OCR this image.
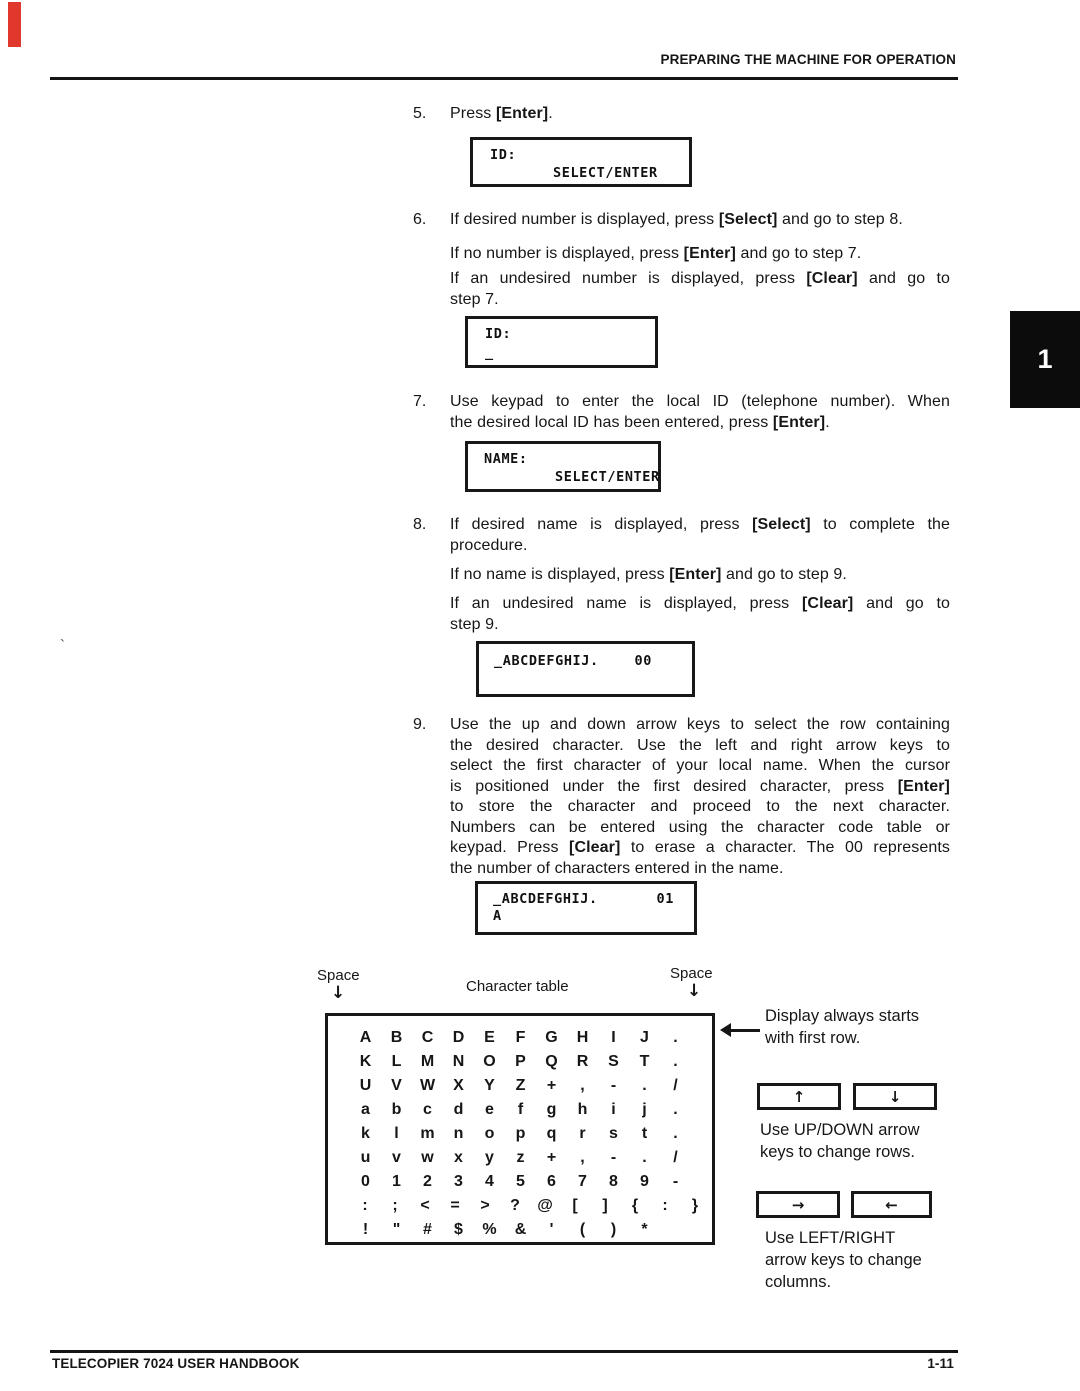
PREPARING THE MACHINE FOR OPERATION
5.	Press [Enter].
ID:
SELECT/ENTER
6.	If desired number is displayed, press [Select] and go to step 8.
If no number is displayed, press [Enter] and go to step 7.
If an undesired number is displayed, press [Clear] and go to
step 7.
ID:
_
7.	Use keypad to enter the local ID (telephone number). When
the desired local ID has been entered, press [Enter].
NAME:
SELECT/ENTER
8.	If desired name is displayed, press [Select] to complete the
procedure.
If no name is displayed, press [Enter] and go to step 9.
If an undesired name is displayed, press [Clear] and go to
step 9.
`
_ABCDEFGHIJ.	00
9.	Use the up and down arrow keys to select the row containing
the desired character. Use the left and right arrow keys to
select the first character of your local name. When the cursor
is positioned under the first desired character, press [Enter]
to store the character and proceed to the next character.
Numbers can be entered using the character code table or
keypad. Press [Clear] to erase a character. The 00 represents
the number of characters entered in the name.
_ABCDEFGHIJ.	01
A
Space
↓	Character table
Space
↓
A	B	C	D	E	F	G	H	I	J	.
K	L	M	N	O	P	Q	R	S	T	.
U	V	W	X	Y	Z	+	,	-	.	/
a	b	c	d	e	f	g	h	i	j	.
k	l	m	n	o	p	q	r	s	t	.
u	v	w	x	y	z	+	,	-	.	/
0	1	2	3	4	5	6	7	8	9	-
:	;	<	=	>	?	@	[	]	{	:	}
!	"	#	$	%	&	'	(	)	*
Display always starts
with first row.
↑	↓
Use UP/DOWN arrow
keys to change rows.
→	←
Use LEFT/RIGHT
arrow keys to change
columns.
1
TELECOPIER 7024 USER HANDBOOK	1-11
